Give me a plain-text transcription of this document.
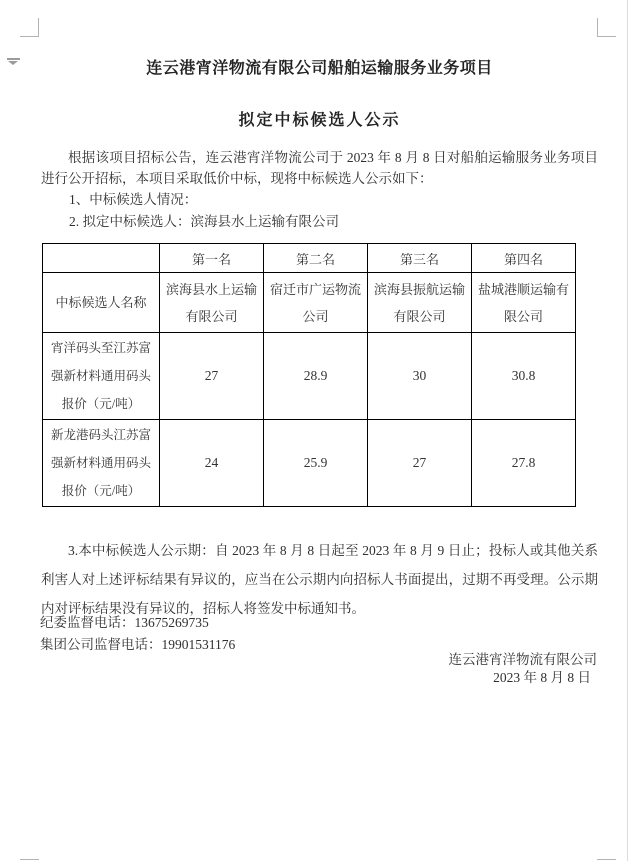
连云港宵洋物流有限公司船舶运输服务业务项目
拟定中标候选人公示
根据该项目招标公告，连云港宵洋物流公司于 2023 年 8 月 8 日对船舶运输服务业务项目进行公开招标，本项目采取低价中标，现将中标候选人公示如下：
1、中标候选人情况：
2. 拟定中标候选人：滨海县水上运输有限公司
	第一名	第二名	第三名	第四名
中标候选人名称	滨海县水上运输有限公司	宿迁市广运物流公司	滨海县振航运输有限公司	盐城港顺运输有限公司
宵洋码头至江苏富强新材料通用码头报价（元/吨）	27	28.9	30	30.8
新龙港码头江苏富强新材料通用码头报价（元/吨）	24	25.9	27	27.8
3.本中标候选人公示期：自 2023 年 8 月 8 日起至 2023 年 8 月 9 日止；投标人或其他关系利害人对上述评标结果有异议的，应当在公示期内向招标人书面提出，过期不再受理。公示期内对评标结果没有异议的，招标人将签发中标通知书。
纪委监督电话：13675269735
集团公司监督电话：19901531176
连云港宵洋物流有限公司
2023 年 8 月 8 日
